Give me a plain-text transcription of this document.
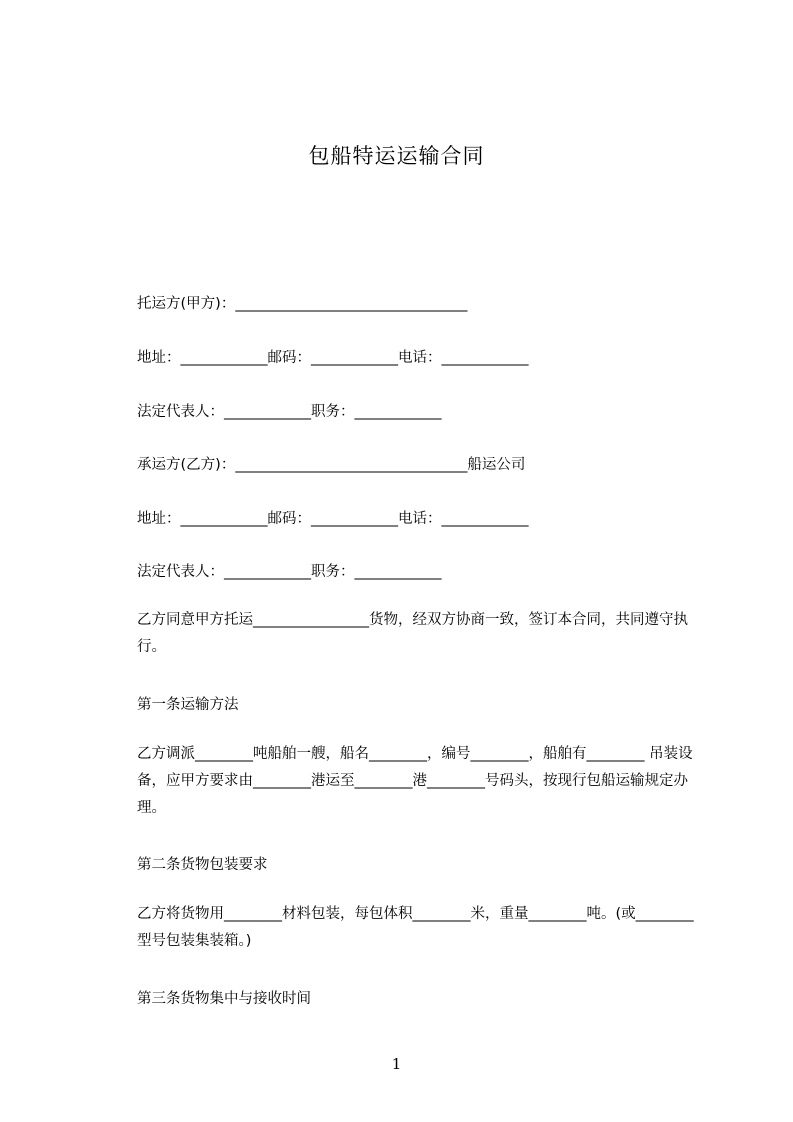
包船特运运输合同
托运方(甲方)：________________________________
地址：____________邮码：____________电话：____________
法定代表人：____________职务：____________
承运方(乙方)：________________________________船运公司
地址：____________邮码：____________电话：____________
法定代表人：____________职务：____________
乙方同意甲方托运________________货物，经双方协商一致，签订本合同，共同遵守执行。
第一条运输方法
乙方调派________吨船舶一艘，船名________，编号________，船舶有________ 吊装设备，应甲方要求由________港运至________港________号码头，按现行包船运输规定办理。
第二条货物包装要求
乙方将货物用________材料包装，每包体积________米，重量________吨。(或________型号包装集装箱。)
第三条货物集中与接收时间
1
